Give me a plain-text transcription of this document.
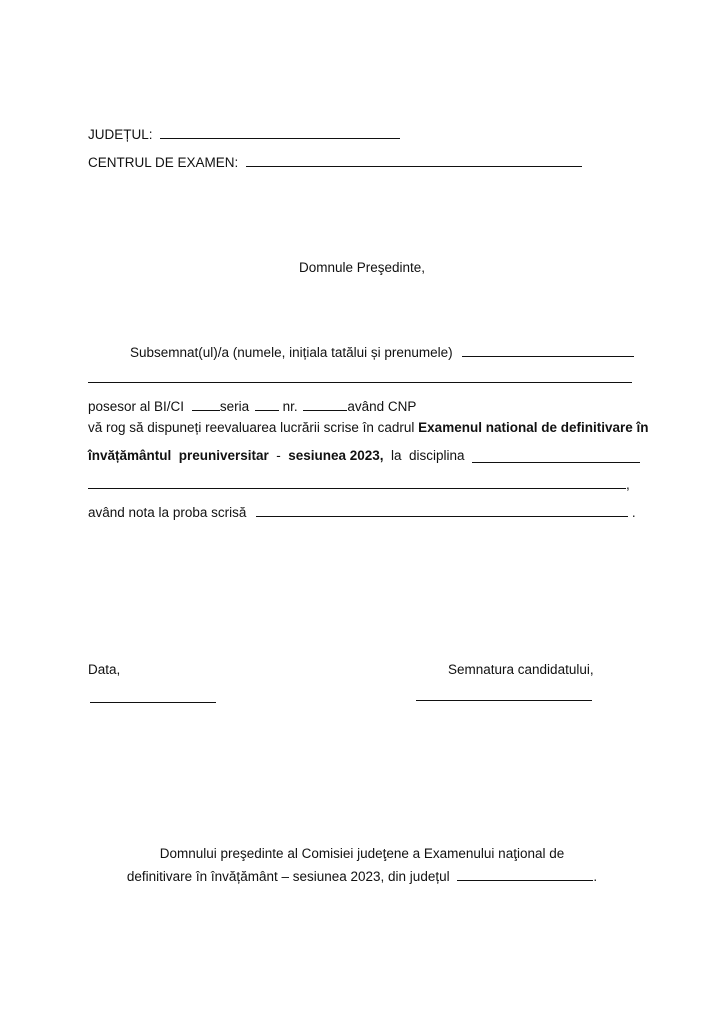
JUDEȚUL:
CENTRUL DE EXAMEN:
Domnule Preşedinte,
Subsemnat(ul)/a (numele, inițiala tatălui și prenumele)
posesor al BI/CI	seria nr.	având CNP
vă rog să dispuneți reevaluarea lucrării scrise în cadrul Examenul national de definitivare în
învățământul preuniversitar - sesiunea 2023, la disciplina
,
având nota la proba scrisă	.
Data,	Semnatura candidatului,
Domnului preşedinte al Comisiei judeţene a Examenului naţional de
definitivare în învățământ – sesiunea 2023, din județul	.
